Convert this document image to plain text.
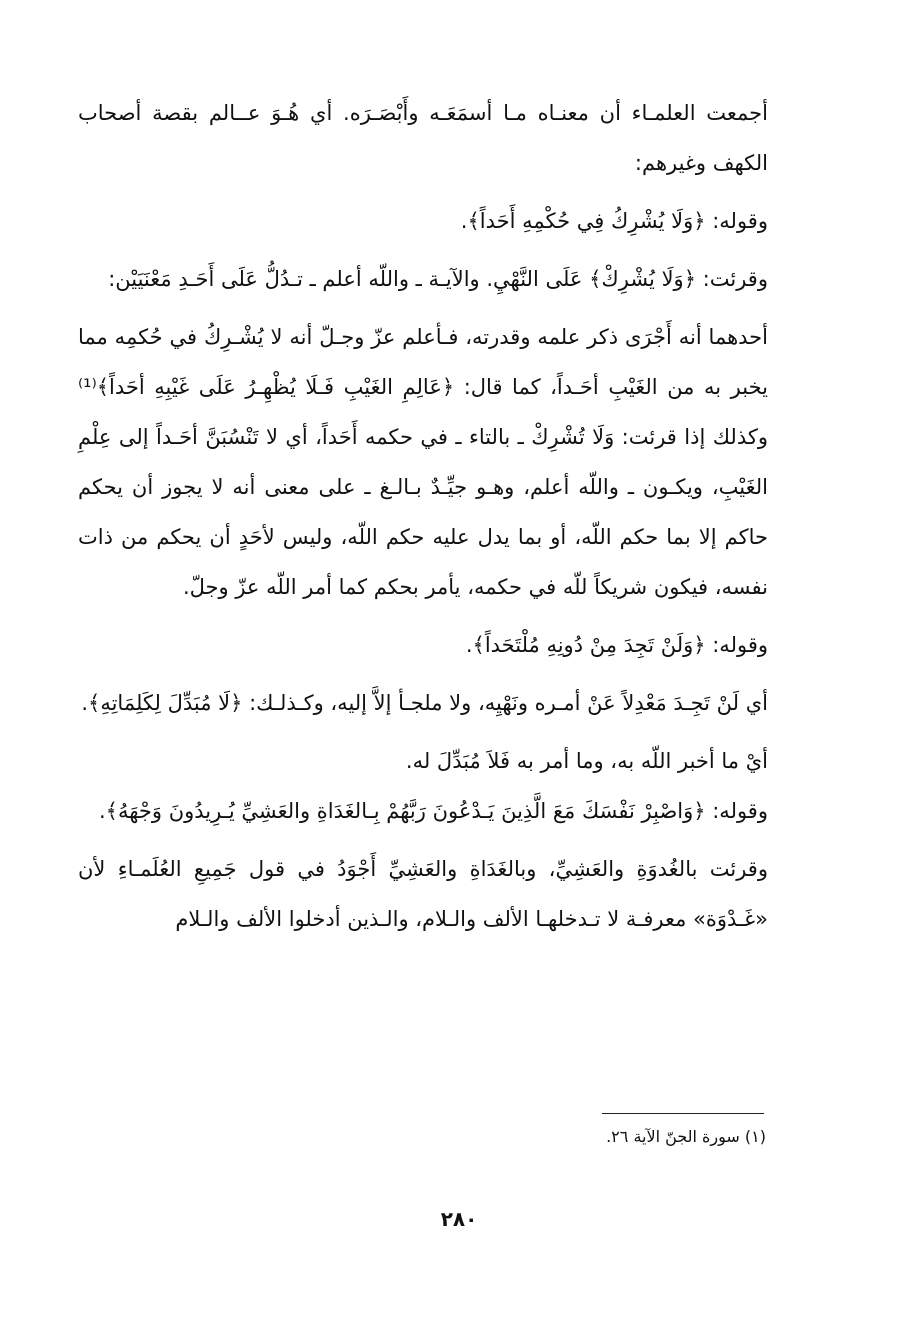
أجمعت العلمـاء أن معنـاه مـا أسمَعَـه وأَبْصَـرَه. أي هُـوَ عــالم بقصة أصحاب الكهف وغيرهم:

وقوله: ﴿وَلَا يُشْرِكُ فِي حُكْمِهِ أَحَداً﴾.

وقرئت: ﴿وَلَا يُشْرِكْ﴾ عَلَى النَّهْيِ. والآيـة ـ واللّه أعلم ـ تـدُلُّ عَلَى أَحَـدِ مَعْنَيَيْن:

أحدهما أنه أَجْرَى ذكر علمه وقدرته، فـأعلم عزّ وجـلّ أنه لا يُشْـرِكُ في حُكمِه مما يخبر به من الغَيْبِ أحَـداً، كما قال: ﴿عَالِمِ الغَيْبِ فَـلَا يُظْهِـرُ عَلَى غَيْبِهِ أحَداً﴾⁽¹⁾ وكذلك إذا قرئت: وَلَا تُشْرِكْ ـ بالتاء ـ في حكمه أَحَداً، أي لا تَنْسُبَنَّ أحَـداً إلى عِلْمِ الغَيْبِ، ويكـون ـ واللّه أعلم، وهـو جيِّـدٌ بـالـغ ـ على معنى أنه لا يجوز أن يحكم حاكم إلا بما حكم اللّه، أو بما يدل عليه حكم اللّه، وليس لأحَدٍ أن يحكم من ذات نفسه، فيكون شريكاً للّه في حكمه، يأمر بحكم كما أمر اللّه عزّ وجلّ.

وقوله: ﴿وَلَنْ تَجِدَ مِنْ دُونِهِ مُلْتَحَداً﴾.

أي لَنْ تَجِـدَ مَعْدِلاً عَنْ أمـره ونَهْيِه، ولا ملجـأ إلاَّ إليه، وكـذلـك: ﴿لَا مُبَدِّلَ لِكَلِمَاتِهِ﴾.

أيْ ما أخبر اللّه به، وما أمر به فَلاَ مُبَدِّلَ له.

وقوله: ﴿وَاصْبِرْ نَفْسَكَ مَعَ الَّذِينَ يَـدْعُونَ رَبَّهُمْ بِـالغَدَاةِ والعَشِيِّ يُـرِيدُونَ وَجْهَهُ﴾.

وقرئت بالغُدوَةِ والعَشِيِّ، وبالغَدَاةِ والعَشِيِّ أَجْوَدُ في قول جَمِيعِ العُلَمـاءِ لأن «غَـدْوَة» معرفـة لا تـدخلهـا الألف والـلام، والـذين أدخلوا الألف والـلام

(١) سورة الجنّ الآية ٢٦.
٢٨٠
